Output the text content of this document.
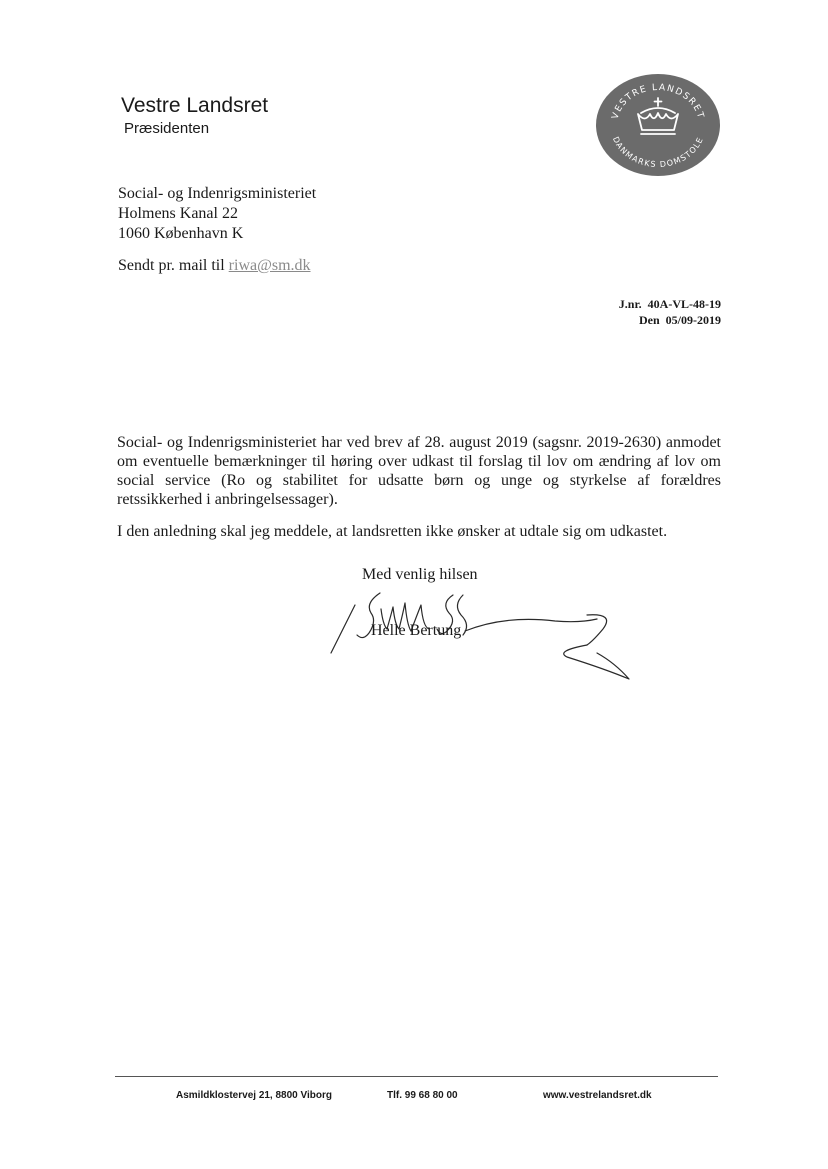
Vestre Landsret
Præsidenten
VESTRE LANDSRET
DANMARKS DOMSTOLE
Social- og Indenrigsministeriet
Holmens Kanal 22
1060 København K
Sendt pr. mail til riwa@sm.dk
J.nr. 40A-VL-48-19
Den 05/09-2019

Social- og Indenrigsministeriet har ved brev af 28. august 2019 (sagsnr. 2019-2630) anmodet om eventuelle bemærkninger til høring over udkast til forslag til lov om ændring af lov om social service (Ro og stabilitet for udsatte børn og unge og styrkelse af forældres retssikkerhed i anbringelsessager).

I den anledning skal jeg meddele, at landsretten ikke ønsker at udtale sig om udkastet.

Med venlig hilsen
Helle Bertung
Asmildklostervej 21, 8800 Viborg	Tlf. 99 68 80 00	www.vestrelandsret.dk
